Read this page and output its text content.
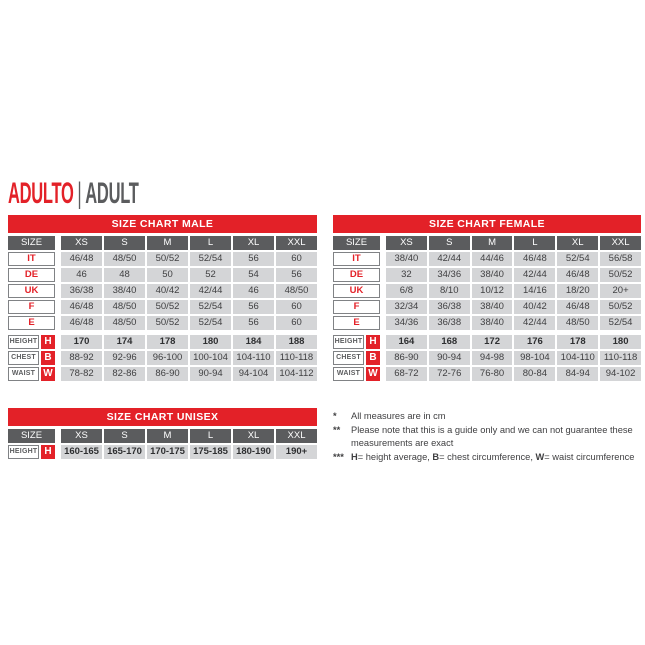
ADULTO | ADULT
SIZE CHART MALE
SIZE	XS	S	M	L	XL	XXL
IT	46/48	48/50	50/52	52/54	56	60
DE	46	48	50	52	54	56
UK	36/38	38/40	40/42	42/44	46	48/50
F	46/48	48/50	50/52	52/54	56	60
E	46/48	48/50	50/52	52/54	56	60
HEIGHT H	170	174	178	180	184	188
CHEST B	88-92	92-96	96-100	100-104 104-110 110-118
WAIST W	78-82	82-86	86-90	90-94	94-104	104-112
SIZE CHART FEMALE
SIZE	XS	S	M	L	XL	XXL
IT	38/40	42/44	44/46	46/48	52/54	56/58
DE	32	34/36	38/40	42/44	46/48	50/52
UK	6/8	8/10	10/12	14/16	18/20	20+
F	32/34	36/38	38/40	40/42	46/48	50/52
E	34/36	36/38	38/40	42/44	48/50	52/54
HEIGHT H	164	168	172	176	178	180
CHEST B	86-90	90-94	94-98	98-104	104-110 110-118
WAIST W	68-72	72-76	76-80	80-84	84-94	94-102
SIZE CHART UNISEX
SIZE	XS	S	M	L	XL	XXL
HEIGHT H	160-165 165-170 170-175 175-185 180-190	190+
*	All measures are in cm
**	Please note that this is a guide only and we can not guarantee these measurements are exact
*** H= height average, B= chest circumference, W= waist circumference
